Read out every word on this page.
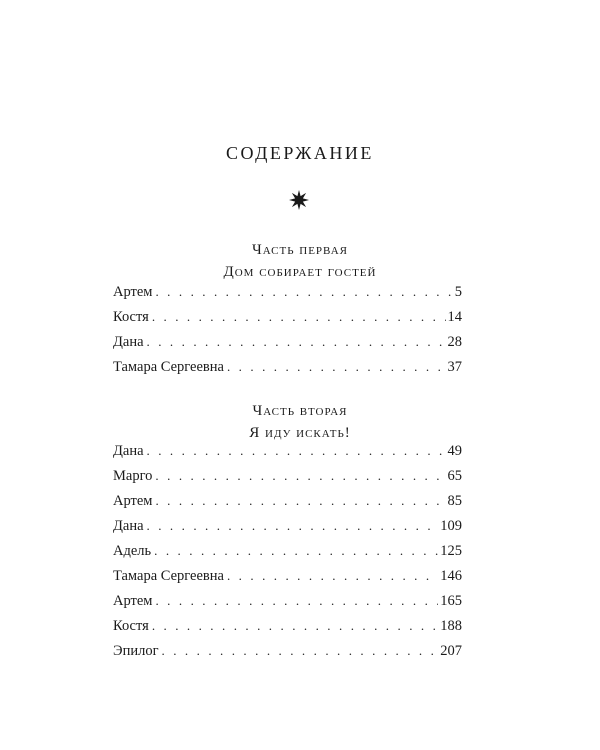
содержание
Часть первая
Дом собирает гостей
Артем . . .	5
Костя . . .	14
Дана . . .	28
Тамара Сергеевна . . .	37
Часть вторая
Я иду искать!
Дана . . .	49
Марго . . .	65
Артем . . .	85
Дана . . .	109
Адель . . .	125
Тамара Сергеевна . . .	146
Артем . . .	165
Костя . . .	188
Эпилог . . .	207
